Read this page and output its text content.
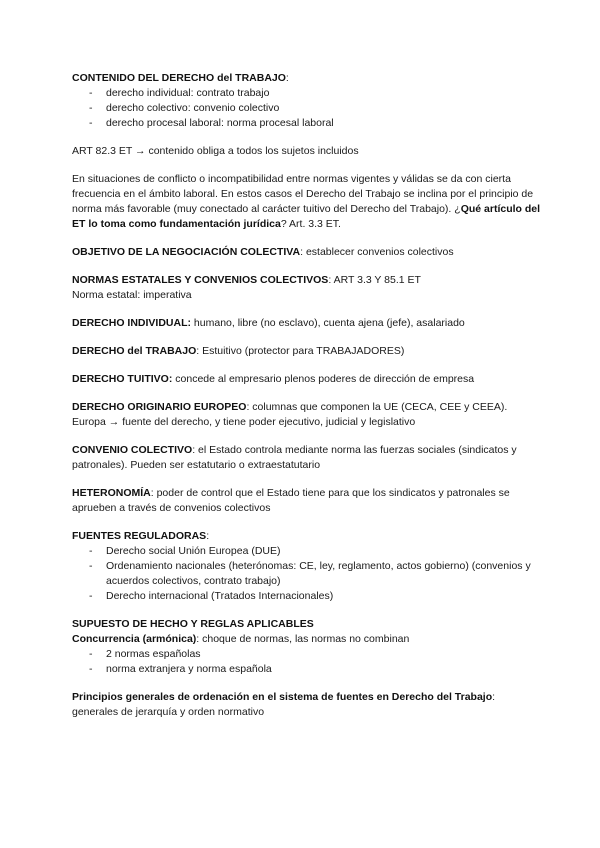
CONTENIDO DEL DERECHO del TRABAJO:
- derecho individual: contrato trabajo
- derecho colectivo: convenio colectivo
- derecho procesal laboral: norma procesal laboral

ART 82.3 ET → contenido obliga a todos los sujetos incluidos

En situaciones de conflicto o incompatibilidad entre normas vigentes y válidas se da con cierta frecuencia en el ámbito laboral. En estos casos el Derecho del Trabajo se inclina por el principio de norma más favorable (muy conectado al carácter tuitivo del Derecho del Trabajo). ¿Qué artículo del ET lo toma como fundamentación jurídica? Art. 3.3 ET.

OBJETIVO DE LA NEGOCIACIÓN COLECTIVA: establecer convenios colectivos

NORMAS ESTATALES Y CONVENIOS COLECTIVOS: ART 3.3 Y 85.1 ET
Norma estatal: imperativa

DERECHO INDIVIDUAL: humano, libre (no esclavo), cuenta ajena (jefe), asalariado

DERECHO del TRABAJO: Estuitivo (protector para TRABAJADORES)

DERECHO TUITIVO: concede al empresario plenos poderes de dirección de empresa

DERECHO ORIGINARIO EUROPEO: columnas que componen la UE (CECA, CEE y CEEA). Europa → fuente del derecho, y tiene poder ejecutivo, judicial y legislativo

CONVENIO COLECTIVO: el Estado controla mediante norma las fuerzas sociales (sindicatos y patronales). Pueden ser estatutario o extraestatutario

HETERONOMÍA: poder de control que el Estado tiene para que los sindicatos y patronales se aprueben a través de convenios colectivos

FUENTES REGULADORAS:
- Derecho social Unión Europea (DUE)
- Ordenamiento nacionales (heterónomas: CE, ley, reglamento, actos gobierno) (convenios y acuerdos colectivos, contrato trabajo)
- Derecho internacional (Tratados Internacionales)
SUPUESTO DE HECHO Y REGLAS APLICABLES
Concurrencia (armónica): choque de normas, las normas no combinan
- 2 normas españolas
- norma extranjera y norma española

Principios generales de ordenación en el sistema de fuentes en Derecho del Trabajo:
generales de jerarquía y orden normativo
